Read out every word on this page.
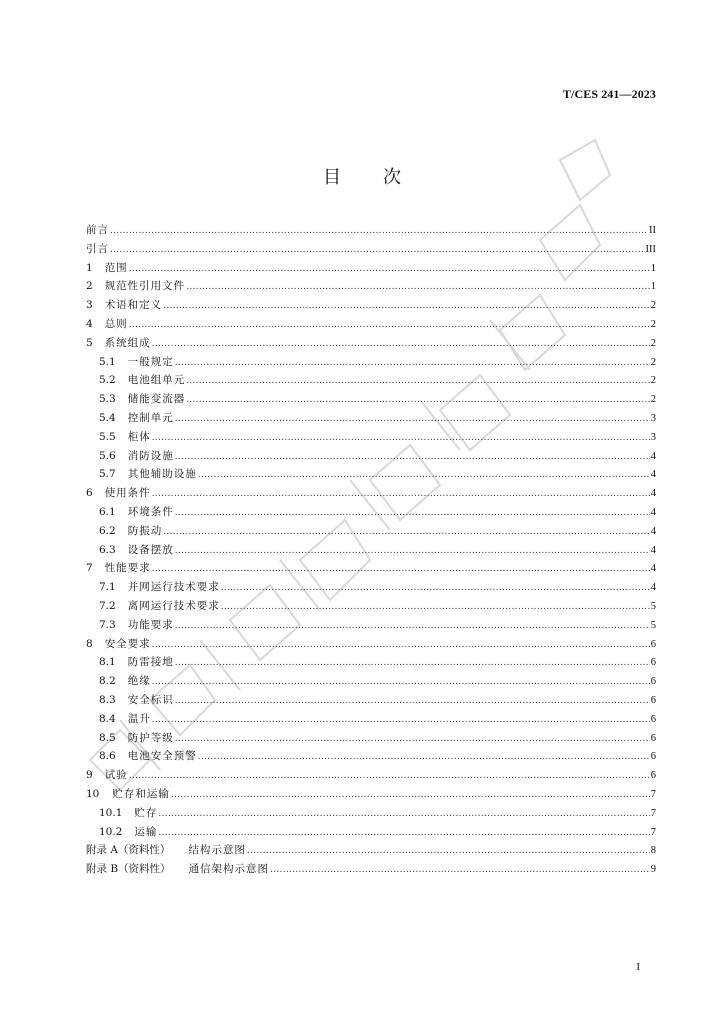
T/CES 241—2023
目 次
前言 .....	II
引言 .....	III
1 范围 .....	1
2 规范性引用文件 .....	1
3 术语和定义 .....	2
4 总则 .....	2
5 系统组成 .....	2
5.1 一般规定 .....	2
5.2 电池组单元 .....	2
5.3 储能变流器 .....	2
5.4 控制单元 .....	3
5.5 柜体 .....	3
5.6 消防设施 .....	4
5.7 其他辅助设施 .....	4
6 使用条件 .....	4
6.1 环境条件 .....	4
6.2 防振动 .....	4
6.3 设备摆放 .....	4
7 性能要求 .....	4
7.1 并网运行技术要求 .....	4
7.2 离网运行技术要求 .....	5
7.3 功能要求 .....	5
8 安全要求 .....	6
8.1 防雷接地 .....	6
8.2 绝缘 .....	6
8.3 安全标识 .....	6
8.4 温升 .....	6
8.5 防护等级 .....	6
8.6 电池安全预警 .....	6
9 试验 .....	6
10 贮存和运输 .....	7
10.1 贮存 .....	7
10.2 运输 .....	7
附录 A（资料性） 结构示意图 .....	8
附录 B（资料性） 通信架构示意图 .....	9
I
